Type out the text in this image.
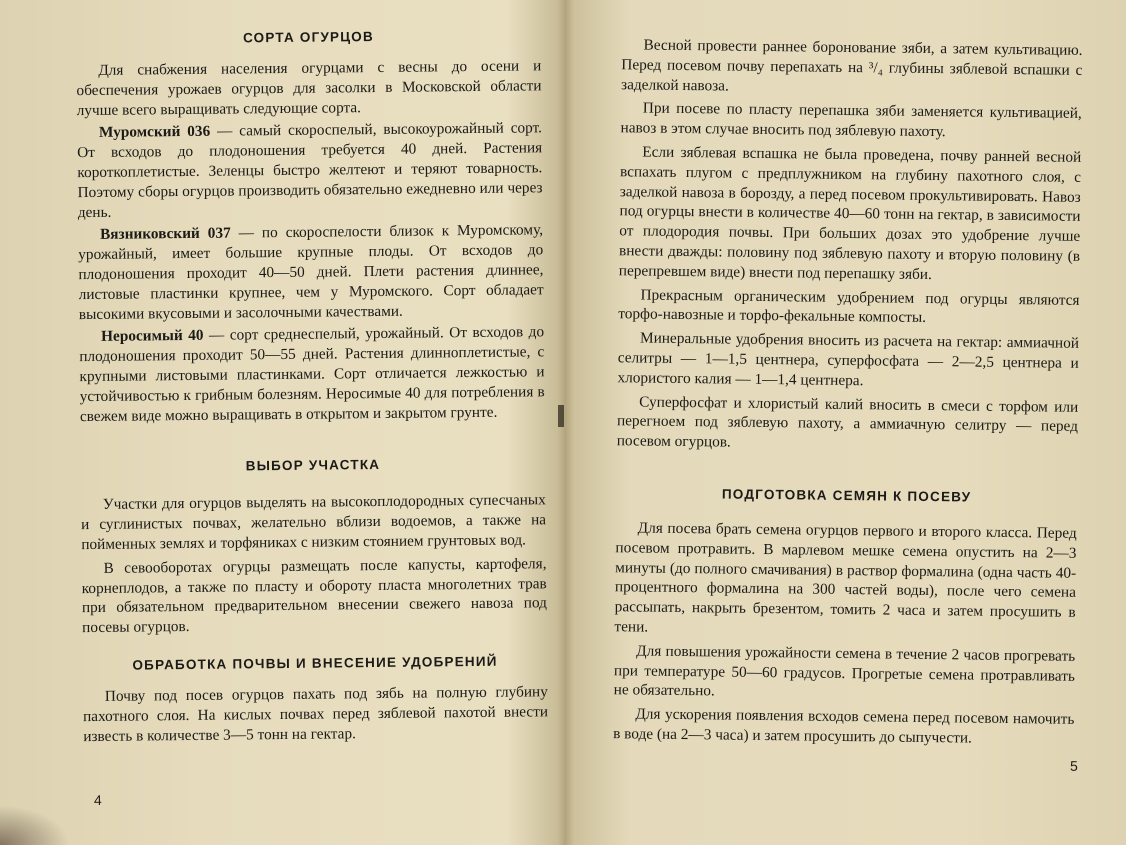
СОРТА ОГУРЦОВ

Для снабжения населения огурцами с весны до осени и обеспечения урожаев огурцов для засолки в Московской области лучше всего выращивать следующие сорта.

Муромский 036 — самый скороспелый, высокоурожайный сорт. От всходов до плодоношения требуется 40 дней. Растения короткоплетистые. Зеленцы быстро желтеют и теряют товарность. Поэтому сборы огурцов производить обязательно ежедневно или через день.

Вязниковский 037 — по скороспелости близок к Муромскому, урожайный, имеет большие крупные плоды. От всходов до плодоношения проходит 40—50 дней. Плети растения длиннее, листовые пластинки крупнее, чем у Муромского. Сорт обладает высокими вкусовыми и засолочными качествами.

Неросимый 40 — сорт среднеспелый, урожайный. От всходов до плодоношения проходит 50—55 дней. Растения длинноплетистые, с крупными листовыми пластинками. Сорт отличается лежкостью и устойчивостью к грибным болезням. Неросимые 40 для потребления в свежем виде можно выращивать в открытом и закрытом грунте.

ВЫБОР УЧАСТКА

Участки для огурцов выделять на высокоплодородных супесчаных и суглинистых почвах, желательно вблизи водоемов, а также на пойменных землях и торфяниках с низким стоянием грунтовых вод.

В севооборотах огурцы размещать после капусты, картофеля, корнеплодов, а также по пласту и обороту пласта многолетних трав при обязательном предварительном внесении свежего навоза под посевы огурцов.

ОБРАБОТКА ПОЧВЫ И ВНЕСЕНИЕ УДОБРЕНИЙ

Почву под посев огурцов пахать под зябь на полную глубину пахотного слоя. На кислых почвах перед зяблевой пахотой внести известь в количестве 3—5 тонн на гектар.

4

Весной провести раннее боронование зяби, а затем культивацию. Перед посевом почву перепахать на ³/₄ глубины зяблевой вспашки с заделкой навоза.

При посеве по пласту перепашка зяби заменяется культивацией, навоз в этом случае вносить под зяблевую пахоту.

Если зяблевая вспашка не была проведена, почву ранней весной вспахать плугом с предплужником на глубину пахотного слоя, с заделкой навоза в борозду, а перед посевом прокультивировать. Навоз под огурцы внести в количестве 40—60 тонн на гектар, в зависимости от плодородия почвы. При больших дозах это удобрение лучше внести дважды: половину под зяблевую пахоту и вторую половину (в перепревшем виде) внести под перепашку зяби.

Прекрасным органическим удобрением под огурцы являются торфо-навозные и торфо-фекальные компосты.

Минеральные удобрения вносить из расчета на гектар: аммиачной селитры — 1—1,5 центнера, суперфосфата — 2—2,5 центнера и хлористого калия — 1—1,4 центнера.

Суперфосфат и хлористый калий вносить в смеси с торфом или перегноем под зяблевую пахоту, а аммиачную селитру — перед посевом огурцов.

ПОДГОТОВКА СЕМЯН К ПОСЕВУ

Для посева брать семена огурцов первого и второго класса. Перед посевом протравить. В марлевом мешке семена опустить на 2—3 минуты (до полного смачивания) в раствор формалина (одна часть 40-процентного формалина на 300 частей воды), после чего семена рассыпать, накрыть брезентом, томить 2 часа и затем просушить в тени.

Для повышения урожайности семена в течение 2 часов прогревать при температуре 50—60 градусов. Прогретые семена протравливать не обязательно.

Для ускорения появления всходов семена перед посевом намочить в воде (на 2—3 часа) и затем просушить до сыпучести.

5
